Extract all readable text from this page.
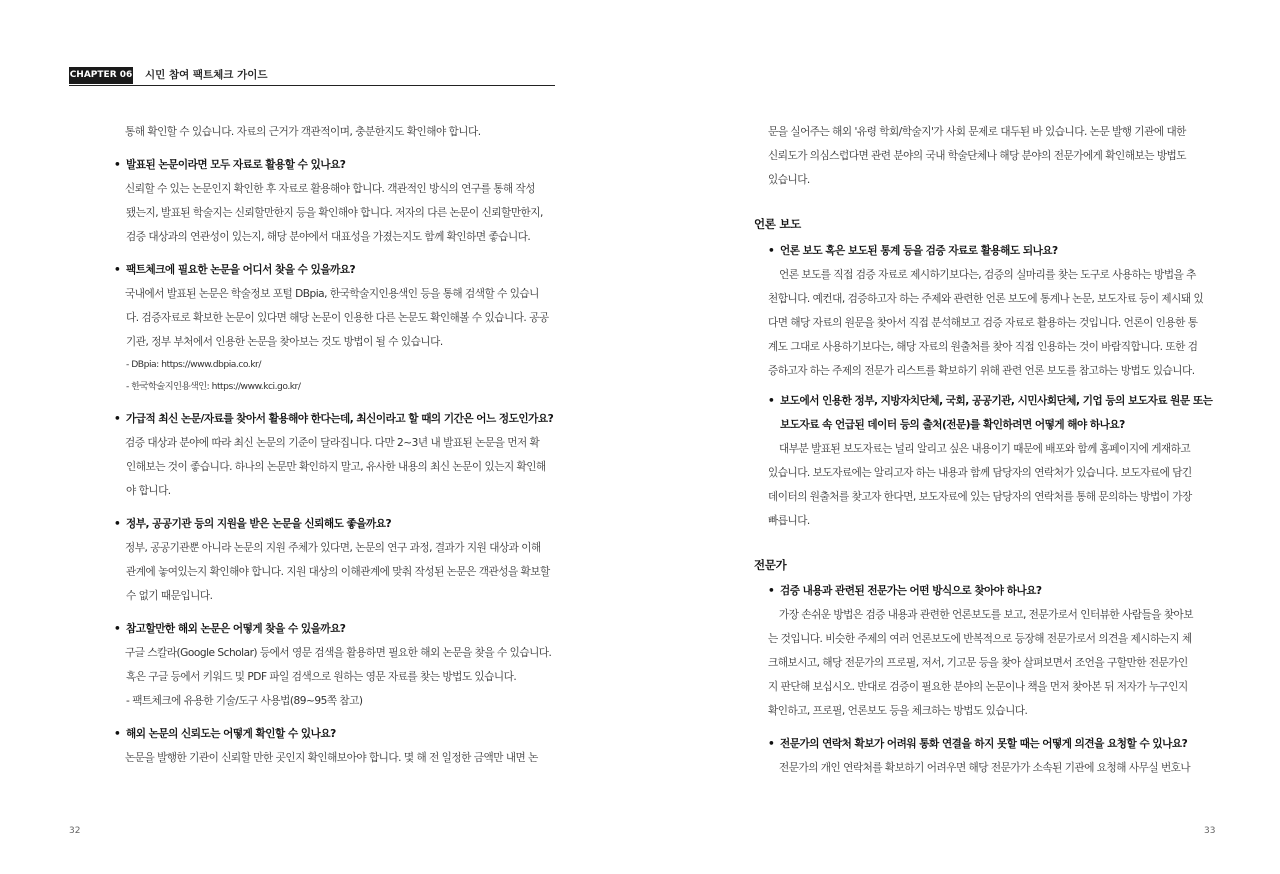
CHAPTER 06 시민 참여 팩트체크 가이드
통해 확인할 수 있습니다. 자료의 근거가 객관적이며, 충분한지도 확인해야 합니다.
• 발표된 논문이라면 모두 자료로 활용할 수 있나요?
신뢰할 수 있는 논문인지 확인한 후 자료로 활용해야 합니다. 객관적인 방식의 연구를 통해 작성
됐는지, 발표된 학술지는 신뢰할만한지 등을 확인해야 합니다. 저자의 다른 논문이 신뢰할만한지,
검증 대상과의 연관성이 있는지, 해당 분야에서 대표성을 가졌는지도 함께 확인하면 좋습니다.
• 팩트체크에 필요한 논문을 어디서 찾을 수 있을까요?
국내에서 발표된 논문은 학술정보 포털 DBpia, 한국학술지인용색인 등을 통해 검색할 수 있습니
다. 검증자료로 확보한 논문이 있다면 해당 논문이 인용한 다른 논문도 확인해볼 수 있습니다. 공공
기관, 정부 부처에서 인용한 논문을 찾아보는 것도 방법이 될 수 있습니다.
- DBpia: https://www.dbpia.co.kr/
- 한국학술지인용색인: https://www.kci.go.kr/
• 가급적 최신 논문/자료를 찾아서 활용해야 한다는데, 최신이라고 할 때의 기간은 어느 정도인가요?
검증 대상과 분야에 따라 최신 논문의 기준이 달라집니다. 다만 2~3년 내 발표된 논문을 먼저 확
인해보는 것이 좋습니다. 하나의 논문만 확인하지 말고, 유사한 내용의 최신 논문이 있는지 확인해
야 합니다.
• 정부, 공공기관 등의 지원을 받은 논문을 신뢰해도 좋을까요?
정부, 공공기관뿐 아니라 논문의 지원 주체가 있다면, 논문의 연구 과정, 결과가 지원 대상과 이해
관계에 놓여있는지 확인해야 합니다. 지원 대상의 이해관계에 맞춰 작성된 논문은 객관성을 확보할
수 없기 때문입니다.
• 참고할만한 해외 논문은 어떻게 찾을 수 있을까요?
구글 스칼라(Google Scholar) 등에서 영문 검색을 활용하면 필요한 해외 논문을 찾을 수 있습니다.
혹은 구글 등에서 키워드 및 PDF 파일 검색으로 원하는 영문 자료를 찾는 방법도 있습니다.
- 팩트체크에 유용한 기술/도구 사용법(89~95쪽 참고)
• 해외 논문의 신뢰도는 어떻게 확인할 수 있나요?
논문을 발행한 기관이 신뢰할 만한 곳인지 확인해보아야 합니다. 몇 해 전 일정한 금액만 내면 논
32
문을 실어주는 해외 '유령 학회/학술지'가 사회 문제로 대두된 바 있습니다. 논문 발행 기관에 대한
신뢰도가 의심스럽다면 관련 분야의 국내 학술단체나 해당 분야의 전문가에게 확인해보는 방법도
있습니다.
언론 보도
• 언론 보도 혹은 보도된 통계 등을 검증 자료로 활용해도 되나요?
언론 보도를 직접 검증 자료로 제시하기보다는, 검증의 실마리를 찾는 도구로 사용하는 방법을 추
천합니다. 예컨대, 검증하고자 하는 주제와 관련한 언론 보도에 통계나 논문, 보도자료 등이 제시돼 있
다면 해당 자료의 원문을 찾아서 직접 분석해보고 검증 자료로 활용하는 것입니다. 언론이 인용한 통
계도 그대로 사용하기보다는, 해당 자료의 원출처를 찾아 직접 인용하는 것이 바람직합니다. 또한 검
증하고자 하는 주제의 전문가 리스트를 확보하기 위해 관련 언론 보도를 참고하는 방법도 있습니다.
• 보도에서 인용한 정부, 지방자치단체, 국회, 공공기관, 시민사회단체, 기업 등의 보도자료 원문 또는
보도자료 속 언급된 데이터 등의 출처(전문)를 확인하려면 어떻게 해야 하나요?
대부분 발표된 보도자료는 널리 알리고 싶은 내용이기 때문에 배포와 함께 홈페이지에 게재하고
있습니다. 보도자료에는 알리고자 하는 내용과 함께 담당자의 연락처가 있습니다. 보도자료에 담긴
데이터의 원출처를 찾고자 한다면, 보도자료에 있는 담당자의 연락처를 통해 문의하는 방법이 가장
빠릅니다.
전문가
• 검증 내용과 관련된 전문가는 어떤 방식으로 찾아야 하나요?
가장 손쉬운 방법은 검증 내용과 관련한 언론보도를 보고, 전문가로서 인터뷰한 사람들을 찾아보
는 것입니다. 비슷한 주제의 여러 언론보도에 반복적으로 등장해 전문가로서 의견을 제시하는지 체
크해보시고, 해당 전문가의 프로필, 저서, 기고문 등을 찾아 살펴보면서 조언을 구할만한 전문가인
지 판단해 보십시오. 반대로 검증이 필요한 분야의 논문이나 책을 먼저 찾아본 뒤 저자가 누구인지
확인하고, 프로필, 언론보도 등을 체크하는 방법도 있습니다.
• 전문가의 연락처 확보가 어려워 통화 연결을 하지 못할 때는 어떻게 의견을 요청할 수 있나요?
전문가의 개인 연락처를 확보하기 어려우면 해당 전문가가 소속된 기관에 요청해 사무실 번호나
33
